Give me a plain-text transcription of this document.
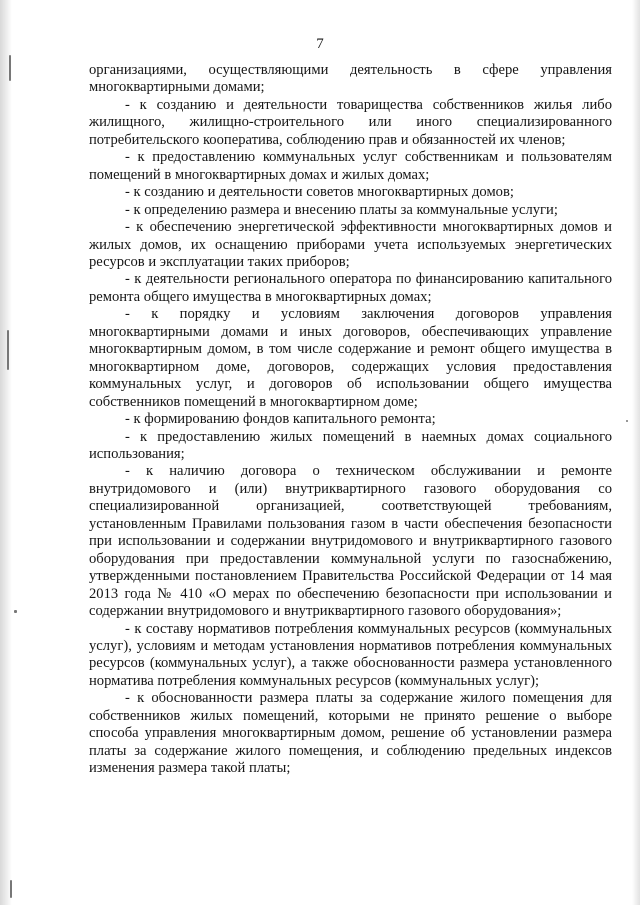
7

организациями, осуществляющими деятельность в сфере управления многоквартирными домами;

- к созданию и деятельности товарищества собственников жилья либо жилищного, жилищно-строительного или иного специализированного потребительского кооператива, соблюдению прав и обязанностей их членов;

- к предоставлению коммунальных услуг собственникам и пользователям помещений в многоквартирных домах и жилых домах;

- к созданию и деятельности советов многоквартирных домов;

- к определению размера и внесению платы за коммунальные услуги;

- к обеспечению энергетической эффективности многоквартирных домов и жилых домов, их оснащению приборами учета используемых энергетических ресурсов и эксплуатации таких приборов;

- к деятельности регионального оператора по финансированию капитального ремонта общего имущества в многоквартирных домах;

- к порядку и условиям заключения договоров управления многоквартирными домами и иных договоров, обеспечивающих управление многоквартирным домом, в том числе содержание и ремонт общего имущества в многоквартирном доме, договоров, содержащих условия предоставления коммунальных услуг, и договоров об использовании общего имущества собственников помещений в многоквартирном доме;

- к формированию фондов капитального ремонта;

- к предоставлению жилых помещений в наемных домах социального использования;

- к наличию договора о техническом обслуживании и ремонте внутридомового и (или) внутриквартирного газового оборудования со специализированной организацией, соответствующей требованиям, установленным Правилами пользования газом в части обеспечения безопасности при использовании и содержании внутридомового и внутриквартирного газового оборудования при предоставлении коммунальной услуги по газоснабжению, утвержденными постановлением Правительства Российской Федерации от 14 мая 2013 года № 410 «О мерах по обеспечению безопасности при использовании и содержании внутридомового и внутриквартирного газового оборудования»;

- к составу нормативов потребления коммунальных ресурсов (коммунальных услуг), условиям и методам установления нормативов потребления коммунальных ресурсов (коммунальных услуг), а также обоснованности размера установленного норматива потребления коммунальных ресурсов (коммунальных услуг);

- к обоснованности размера платы за содержание жилого помещения для собственников жилых помещений, которыми не принято решение о выборе способа управления многоквартирным домом, решение об установлении размера платы за содержание жилого помещения, и соблюдению предельных индексов изменения размера такой платы;
